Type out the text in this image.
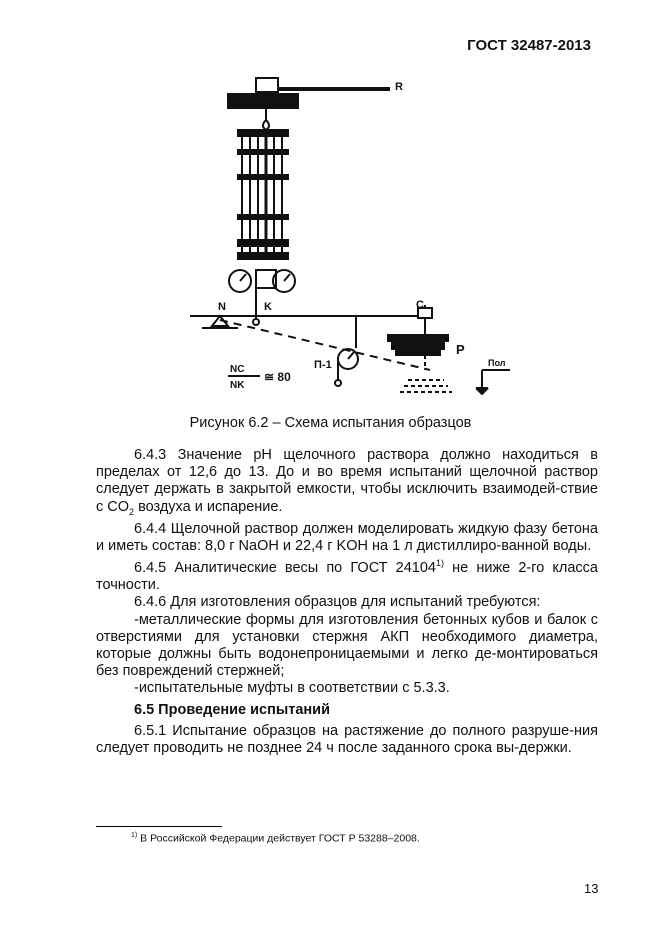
ГОСТ 32487-2013
R
N	K	C
P
П-1	Пол
NC
NK
≅ 80
Рисунок 6.2 – Схема испытания образцов

6.4.3 Значение pH щелочного раствора должно находиться в пределах от 12,6 до 13. До и во время испытаний щелочной раствор следует держать в закрытой емкости, чтобы исключить взаимодей-ствие с $CO_2$ воздуха и испарение.

6.4.4 Щелочной раствор должен моделировать жидкую фазу бетона и иметь состав: 8,0 г NaOH и 22,4 г KOH на 1 л дистиллиро-ванной воды.

6.4.5 Аналитические весы по ГОСТ 24104$^{1)}$ не ниже 2-го класса точности.

6.4.6 Для изготовления образцов для испытаний требуются:

-металлические формы для изготовления бетонных кубов и балок с отверстиями для установки стержня АКП необходимого диаметра, которые должны быть водонепроницаемыми и легко де-монтироваться без повреждений стержней;

-испытательные муфты в соответствии с 5.3.3.

6.5 Проведение испытаний

6.5.1 Испытание образцов на растяжение до полного разруше-ния следует проводить не позднее 24 ч после заданного срока вы-держки.

$^{1)}$ В Российской Федерации действует ГОСТ Р 53288–2008.
13
